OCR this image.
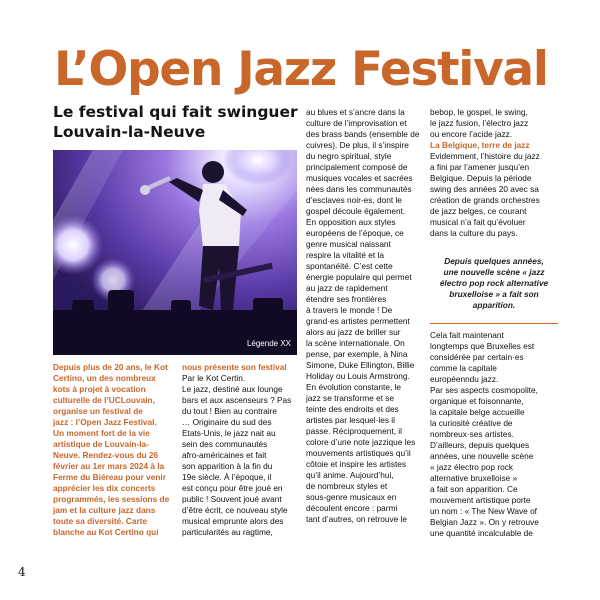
L’Open Jazz Festival
Le festival qui fait swinguer Louvain-la-Neuve
Légende XX
Depuis plus de 20 ans, le Kot
Certino, un des nombreux
kots à projet à vocation
culturelle de l’UCLouvain,
organise un festival de
jazz : l’Open Jazz Festival.
Un moment fort de la vie
artistique de Louvain-la-
Neuve. Rendez-vous du 26
février au 1er mars 2024 à la
Ferme du Biéreau pour venir
apprécier les dix concerts
programmés, les sessions de
jam et la culture jazz dans
toute sa diversité. Carte
blanche au Kot Certino qui
nous présente son festival
Par le Kot Certin.
Le jazz, destiné aux lounge
bars et aux ascenseurs ? Pas
du tout ! Bien au contraire
… Originaire du sud des
Etats-Unis, le jazz nait au
sein des communautés
afro-américaines et fait
son apparition à la fin du
19e siècle. À l’époque, il
est conçu pour être joué en
public ! Souvent joué avant
d’être écrit, ce nouveau style
musical emprunte alors des
particularités au ragtime,
au blues et s’ancre dans la
culture de l’improvisation et
des brass bands (ensemble de
cuivres). De plus, il s’inspire
du negro spiritual, style
principalement composé de
musiques vocales et sacrées
nées dans les communautés
d’esclaves noir-es, dont le
gospel découle également.
En opposition aux styles
européens de l’époque, ce
genre musical naissant
respire la vitalité et la
spontanéité. C’est cette
énergie populaire qui permet
au jazz de rapidement
étendre ses frontières
à travers le monde ! De
grand·es artistes permettent
alors au jazz de briller sur
la scène internationale. On
pense, par exemple, à Nina
Simone, Duke Ellington, Billie
Holiday ou Louis Armstrong.
En évolution constante, le
jazz se transforme et se
teinte des endroits et des
artistes par lesquel·les il
passe. Réciproquement, il
colore d’une note jazzique les
mouvements artistiques qu’il
côtoie et inspire les artistes
qu’il anime. Aujourd’hui,
de nombreux styles et
sous-genre musicaux en
découlent encore : parmi
tant d’autres, on retrouve le
bebop, le gospel, le swing,
le jazz fusion, l’électro jazz
ou encore l’acide jazz.
La Belgique, terre de jazz
Evidemment, l’histoire du jazz
a fini par l’amener jusqu’en
Belgique. Depuis la période
swing des années 20 avec sa
création de grands orchestres
de jazz belges, ce courant
musical n’a fait qu’évoluer
dans la culture du pays.
Depuis quelques années,
une nouvelle scène « jazz
électro pop rock alternative
bruxelloise » a fait son
apparition.
Cela fait maintenant
longtemps que Bruxelles est
considérée par certain·es
comme la capitale
européenndu jazz.
Par ses aspects cosmopolite,
organique et foisonnante,
la capitale belge accueille
la curiosité créative de
nombreux·ses artistes.
D’ailleurs, depuis quelques
années, une nouvelle scène
« jazz électro pop rock
alternative bruxelloise »
a fait son apparition. Ce
mouvement artistique porte
un nom : « The New Wave of
Belgian Jazz ». On y retrouve
une quantité incalculable de
4
